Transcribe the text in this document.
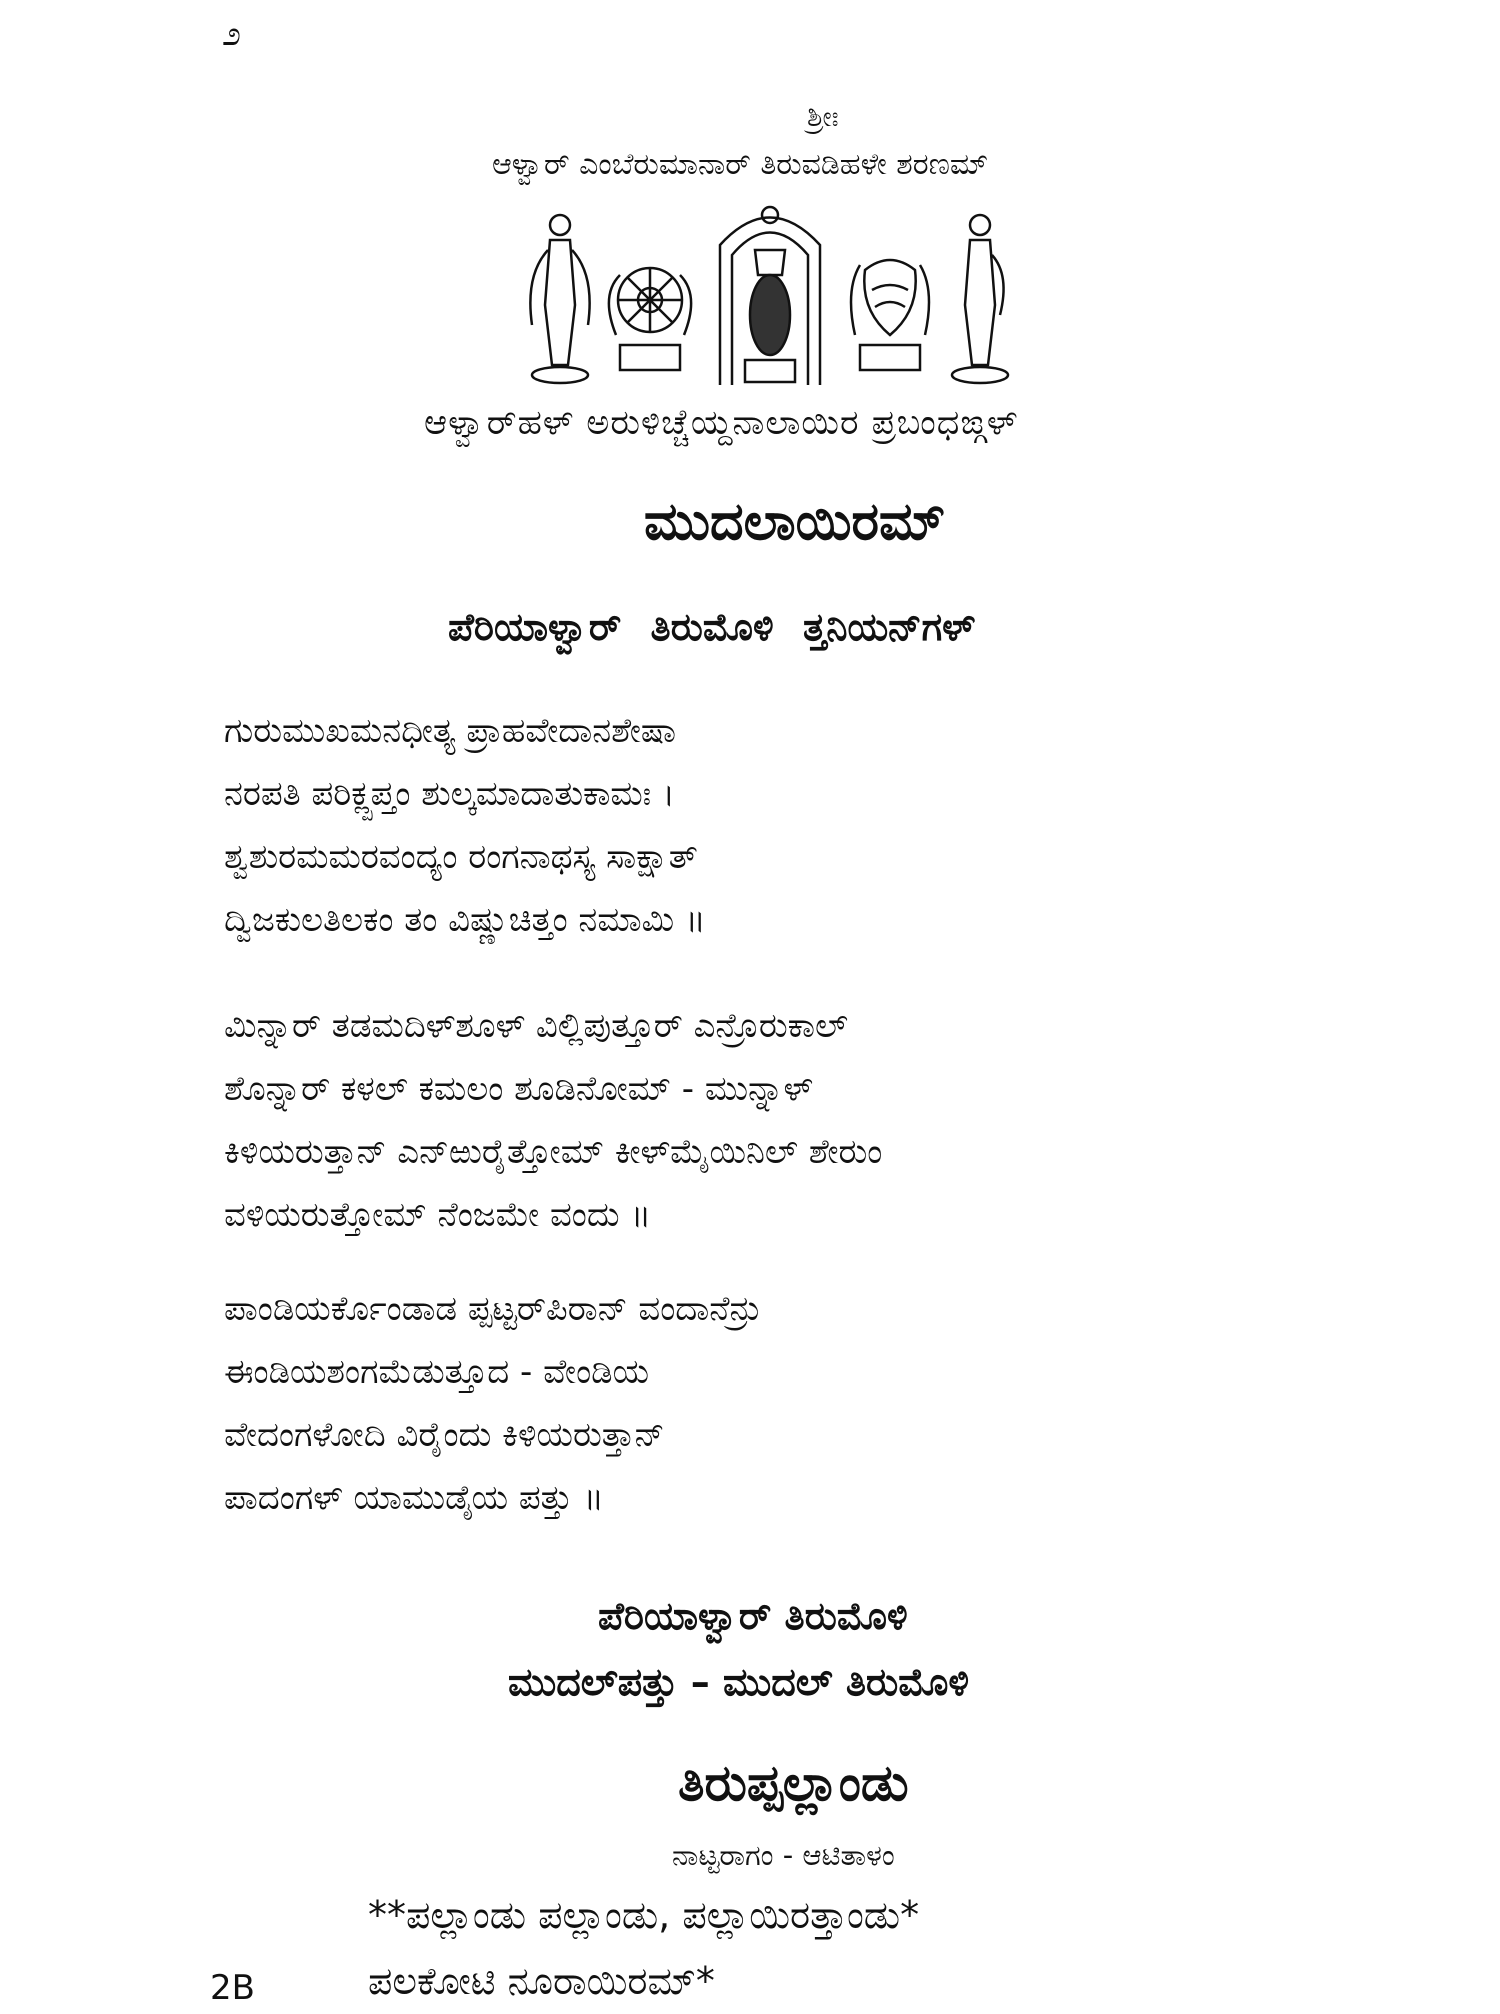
೨
ಶ್ರೀಃ
ಆಳ್ವಾರ್ ಎಂಬೆರುಮಾನಾರ್ ತಿರುವಡಿಹಳೇ ಶರಣಮ್
ಆಳ್ವಾರ್‌ಹಳ್ ಅರುಳಿಚ್ಚೆಯ್ದನಾಲಾಯಿರ ಪ್ರಬಂಧಙ್ಗಳ್
ಮುದಲಾಯಿರಮ್
ಪೆರಿಯಾಳ್ವಾರ್ ತಿರುಮೊಳಿ ತ್ತನಿಯನ್‌ಗಳ್
ಗುರುಮುಖಮನಧೀತ್ಯ ಪ್ರಾಹವೇದಾನಶೇಷಾ
ನರಪತಿ ಪರಿಕ್ಲ್ಪಪ್ತಂ ಶುಲ್ಕಮಾದಾತುಕಾಮಃ ।
ಶ್ವಶುರಮಮರವಂದ್ಯಂ ರಂಗನಾಥಸ್ಯ ಸಾಕ್ಷಾತ್
ದ್ವಿಜಕುಲತಿಲಕಂ ತಂ ವಿಷ್ಣುಚಿತ್ತಂ ನಮಾಮಿ ॥
ಮಿನ್ನಾರ್ ತಡಮದಿಳ್‌ಶೂಳ್ ವಿಲ್ಲಿಪುತ್ತೂರ್ ಎನ್ರೊರುಕಾಲ್
ಶೊನ್ನಾರ್ ಕಳಲ್ ಕಮಲಂ ಶೂಡಿನೋಮ್ - ಮುನ್ನಾಳ್
ಕಿಳಿಯರುತ್ತಾನ್ ಎನ್‌ಱುರೈತ್ತೋಮ್ ಕೀಳ್‌ಮೈಯಿನಿಲ್ ಶೇರುಂ
ವಳಿಯರುತ್ತೋಮ್ ನೆಂಜಮೇ ವಂದು ॥
ಪಾಂಡಿಯರ್ಕೊಂಡಾಡ ಪ್ಪಟ್ಟರ್‌ಪಿರಾನ್ ವಂದಾನೆನ್ರು
ಈಂಡಿಯಶಂಗಮೆಡುತ್ತೂದ - ವೇಂಡಿಯ
ವೇದಂಗಳೋದಿ ವಿರೈಂದು ಕಿಳಿಯರುತ್ತಾನ್
ಪಾದಂಗಳ್ ಯಾಮುಡೈಯ ಪತ್ತು ॥
ಪೆರಿಯಾಳ್ವಾರ್ ತಿರುಮೊಳಿ
ಮುದಲ್‌ಪತ್ತು – ಮುದಲ್ ತಿರುಮೊಳಿ
ತಿರುಪ್ಪಲ್ಲಾಂಡು
ನಾಟ್ಟರಾಗಂ - ಆಟಿತಾಳಂ
**ಪಲ್ಲಾಂಡು ಪಲ್ಲಾಂಡು, ಪಲ್ಲಾಯಿರತ್ತಾಂಡು*
ಪಲಕೋಟಿ ನೂರಾಯಿರಮ್*
2B
